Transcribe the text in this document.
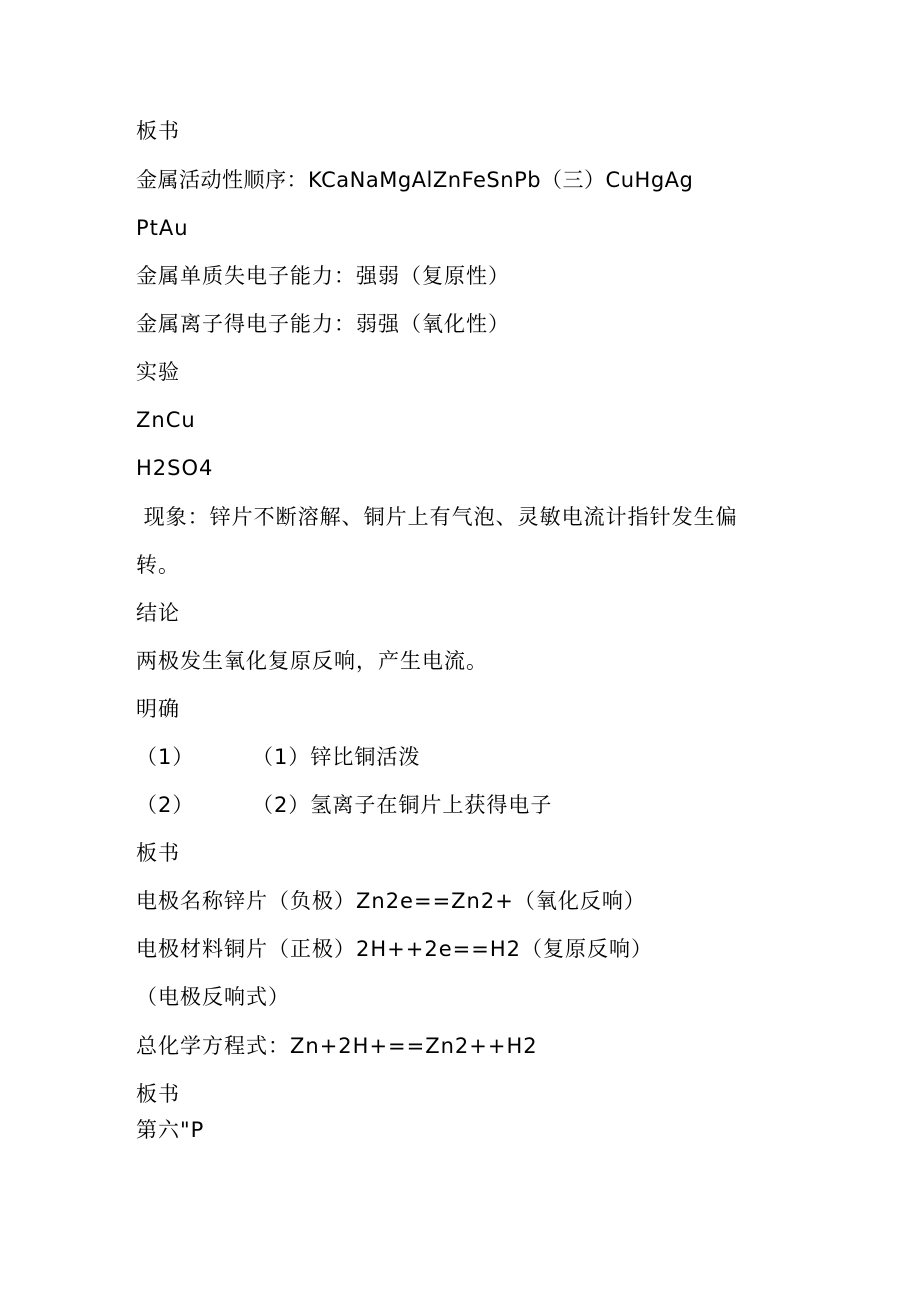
板书
金属活动性顺序：KCaNaMgAlZnFeSnPb（三）CuHgAg
PtAu
金属单质失电子能力：强弱（复原性）
金属离子得电子能力：弱强（氧化性）
实验
ZnCu
H2SO4
现象：锌片不断溶解、铜片上有气泡、灵敏电流计指针发生偏
转。
结论
两极发生氧化复原反响，产生电流。
明确
（1）	（1）锌比铜活泼
（2）	（2）氢离子在铜片上获得电子
板书
电极名称锌片（负极）Zn2e==Zn2+（氧化反响）
电极材料铜片（正极）2H++2e==H2（复原反响）
（电极反响式）
总化学方程式：Zn+2H+==Zn2++H2
板书
第六"P
